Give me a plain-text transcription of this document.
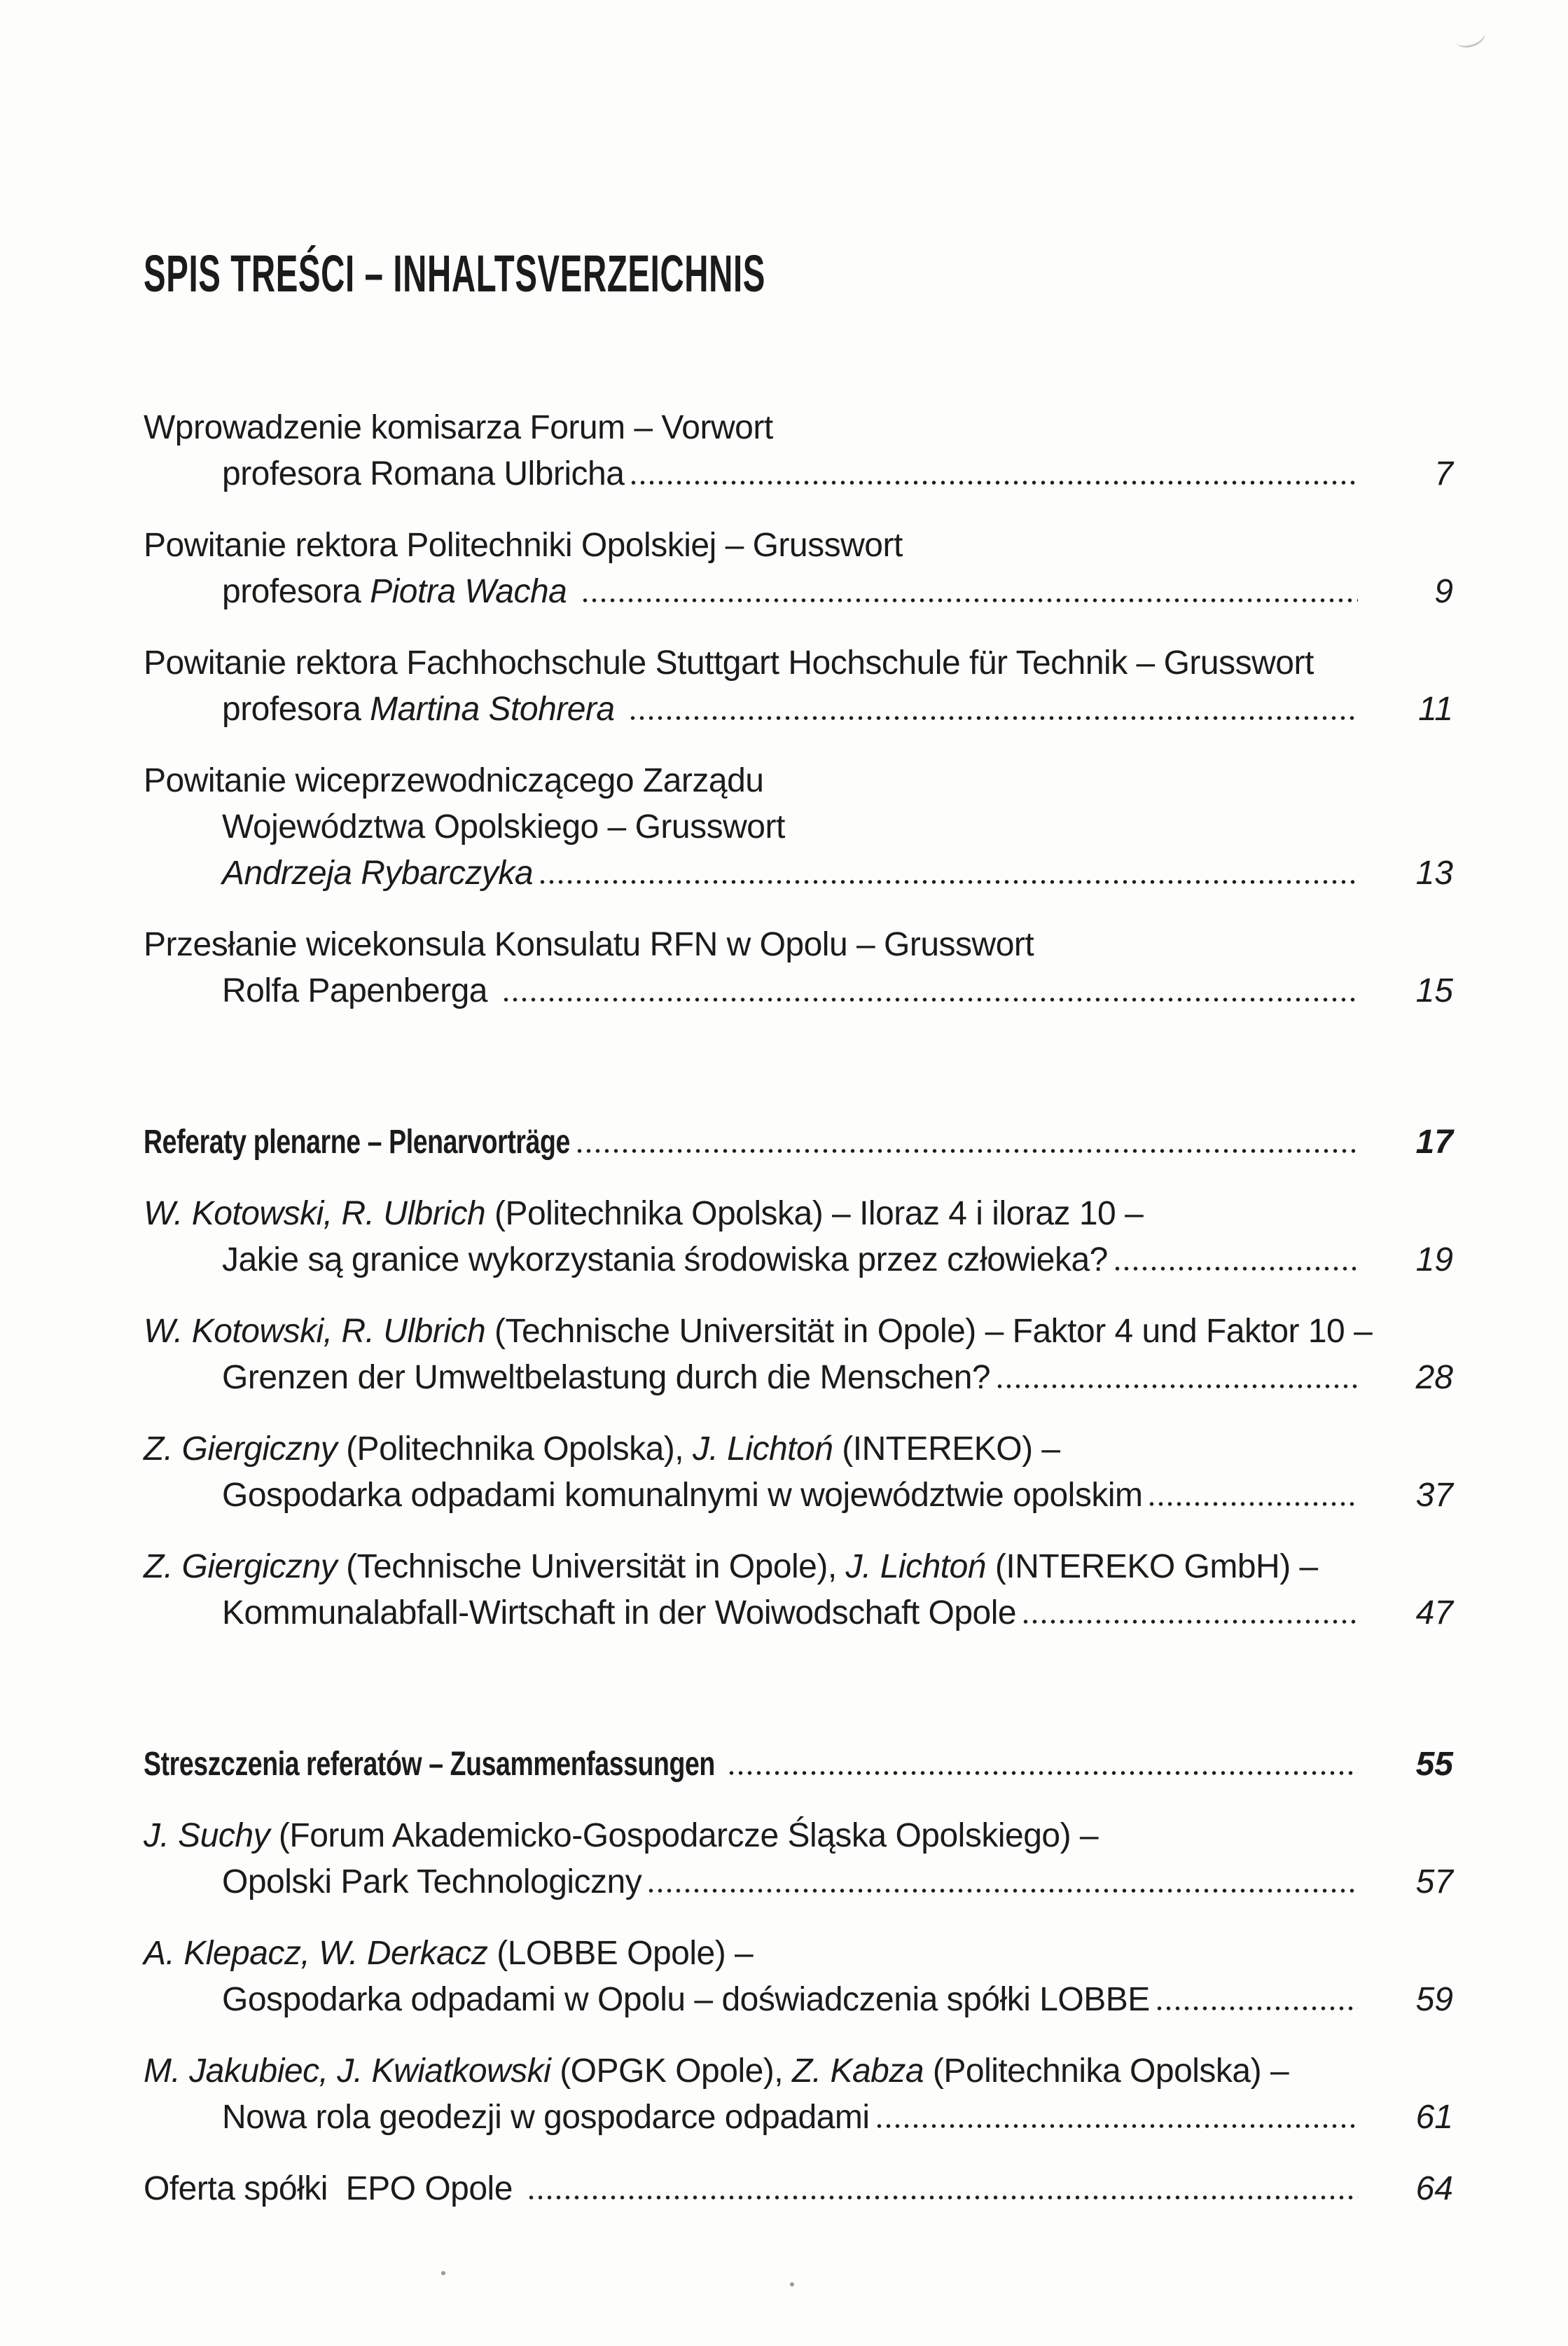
SPIS TREŚCI – INHALTSVERZEICHNIS
Wprowadzenie komisarza Forum – Vorwort
profesora Romana Ulbricha	7
Powitanie rektora Politechniki Opolskiej – Grusswort
profesora Piotra Wacha	9
Powitanie rektora Fachhochschule Stuttgart Hochschule für Technik – Grusswort
profesora Martina Stohrera	11
Powitanie wiceprzewodniczącego Zarządu
Województwa Opolskiego – Grusswort
Andrzeja Rybarczyka	13
Przesłanie wicekonsula Konsulatu RFN w Opolu – Grusswort
Rolfa Papenberga	15
Referaty plenarne – Plenarvorträge	17
W. Kotowski, R. Ulbrich (Politechnika Opolska) – Iloraz 4 i iloraz 10 –
Jakie są granice wykorzystania środowiska przez człowieka?	19
W. Kotowski, R. Ulbrich (Technische Universität in Opole) – Faktor 4 und Faktor 10 –
Grenzen der Umweltbelastung durch die Menschen?	28
Z. Giergiczny (Politechnika Opolska), J. Lichtoń (INTEREKO) –
Gospodarka odpadami komunalnymi w województwie opolskim	37
Z. Giergiczny (Technische Universität in Opole), J. Lichtoń (INTEREKO GmbH) –
Kommunalabfall-Wirtschaft in der Woiwodschaft Opole	47
Streszczenia referatów – Zusammenfassungen	55
J. Suchy (Forum Akademicko-Gospodarcze Śląska Opolskiego) –
Opolski Park Technologiczny	57
A. Klepacz, W. Derkacz (LOBBE Opole) –
Gospodarka odpadami w Opolu – doświadczenia spółki LOBBE	59
M. Jakubiec, J. Kwiatkowski (OPGK Opole), Z. Kabza (Politechnika Opolska) –
Nowa rola geodezji w gospodarce odpadami	61
Oferta spółki  EPO Opole	64
